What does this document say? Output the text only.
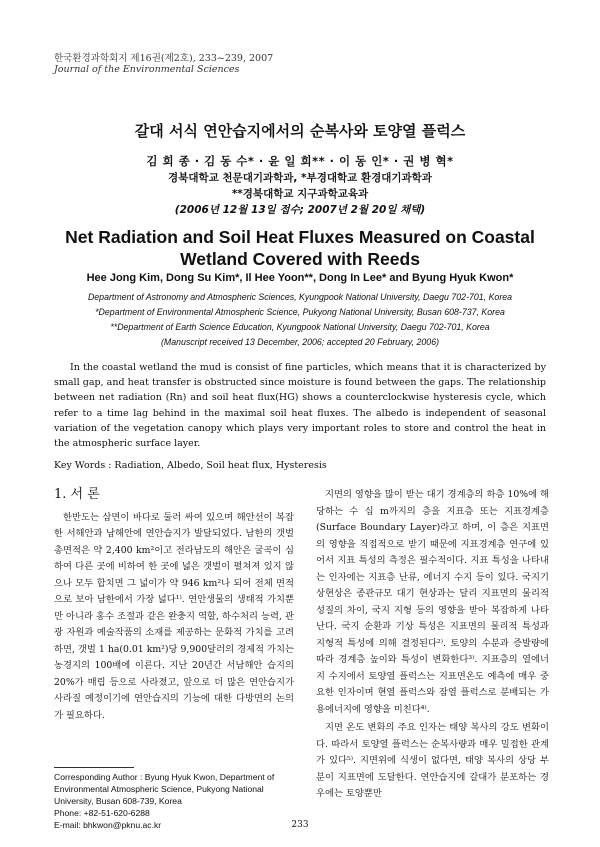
한국환경과학회지 제16권(제2호), 233~239, 2007
Journal of the Environmental Sciences
갈대 서식 연안습지에서의 순복사와 토양열 플럭스
김 희 종 · 김 동 수* · 윤 일 희** · 이 동 인* · 권 병 혁*
경북대학교 천문대기과학과, *부경대학교 환경대기과학과
**경북대학교 지구과학교육과
(2006년 12월 13일 접수; 2007년 2월 20일 채택)
Net Radiation and Soil Heat Fluxes Measured on Coastal
Wetland Covered with Reeds
Hee Jong Kim, Dong Su Kim*, Il Hee Yoon**, Dong In Lee* and Byung Hyuk Kwon*
Department of Astronomy and Atmospheric Sciences, Kyungpook National University, Daegu 702-701, Korea
*Department of Environmental Atmospheric Science, Pukyong National University, Busan 608-737, Korea
**Department of Earth Science Education, Kyungpook National University, Daegu 702-701, Korea
(Manuscript received 13 December, 2006; accepted 20 February, 2006)

In the coastal wetland the mud is consist of fine particles, which means that it is characterized by small gap, and heat transfer is obstructed since moisture is found between the gaps. The relationship between net radiation (Rn) and soil heat flux(HG) shows a counterclockwise hysteresis cycle, which refer to a time lag behind in the maximal soil heat fluxes. The albedo is independent of seasonal variation of the vegetation canopy which plays very important roles to store and control the heat in the atmospheric surface layer.

Key Words : Radiation, Albedo, Soil heat flux, Hysteresis
1. 서 론

한반도는 삼면이 바다로 둘러 싸여 있으며 해안선이 복잡한 서해안과 남해안에 연안습지가 발달되었다. 남한의 갯벌 총면적은 약 2,400 km²이고 전라남도의 해안은 굴곡이 심하여 다른 곳에 비하여 한 곳에 넓은 갯벌이 펼쳐져 있지 않으나 모두 합치면 그 넓이가 약 946 km²나 되어 전체 면적으로 보아 남한에서 가장 넓다¹⁾. 연안생물의 생태적 가치뿐만 아니라 홍수 조절과 같은 완충지 역할, 하수처리 능력, 관광 자원과 예술작품의 소재를 제공하는 문화적 가치를 고려하면, 갯벌 1 ha(0.01 km²)당 9,900달러의 경제적 가치는 농경지의 100배에 이른다. 지난 20년간 서남해안 습지의 20%가 매립 등으로 사라졌고, 앞으로 더 많은 연안습지가 사라질 예정이기에 연안습지의 기능에 대한 다방면의 논의가 필요하다.

지면의 영향을 많이 받는 대기 경계층의 하층 10%에 해당하는 수 십 m까지의 층을 지표층 또는 지표경계층(Surface Boundary Layer)라고 하며, 이 층은 지표면의 영향을 직접적으로 받기 때문에 지표경계층 연구에 있어서 지표 특성의 측정은 필수적이다. 지표 특성을 나타내는 인자에는 지표층 난류, 에너지 수지 등이 있다. 국지기상현상은 종관규모 대기 현상과는 달리 지표면의 물리적 성질의 차이, 국지 지형 등의 영향을 받아 복잡하게 나타난다. 국지 순환과 기상 특성은 지표면의 물리적 특성과 지형적 특성에 의해 결정된다²⁾. 토양의 수분과 증발량에 따라 경계층 높이와 특성이 변화한다³⁾. 지표층의 열에너지 수지에서 토양열 플럭스는 지표면온도 예측에 매우 중요한 인자이며 현열 플럭스와 잠열 플럭스로 분배되는 가용에너지에 영향을 미친다⁴⁾.

지면 온도 변화의 주요 인자는 태양 복사의 강도 변화이다. 따라서 토양열 플럭스는 순복사량과 매우 밀접한 관계가 있다⁵⁾. 지면위에 식생이 없다면, 태양 복사의 상당 부분이 지표면에 도달한다. 연안습지에 갈대가 분포하는 경우에는 토양뿐만

Corresponding Author : Byung Hyuk Kwon, Department of Environmental Atmospheric Science, Pukyong National University, Busan 608-739, Korea
Phone: +82-51-620-6288
E-mail: bhkwon@pknu.ac.kr	233
